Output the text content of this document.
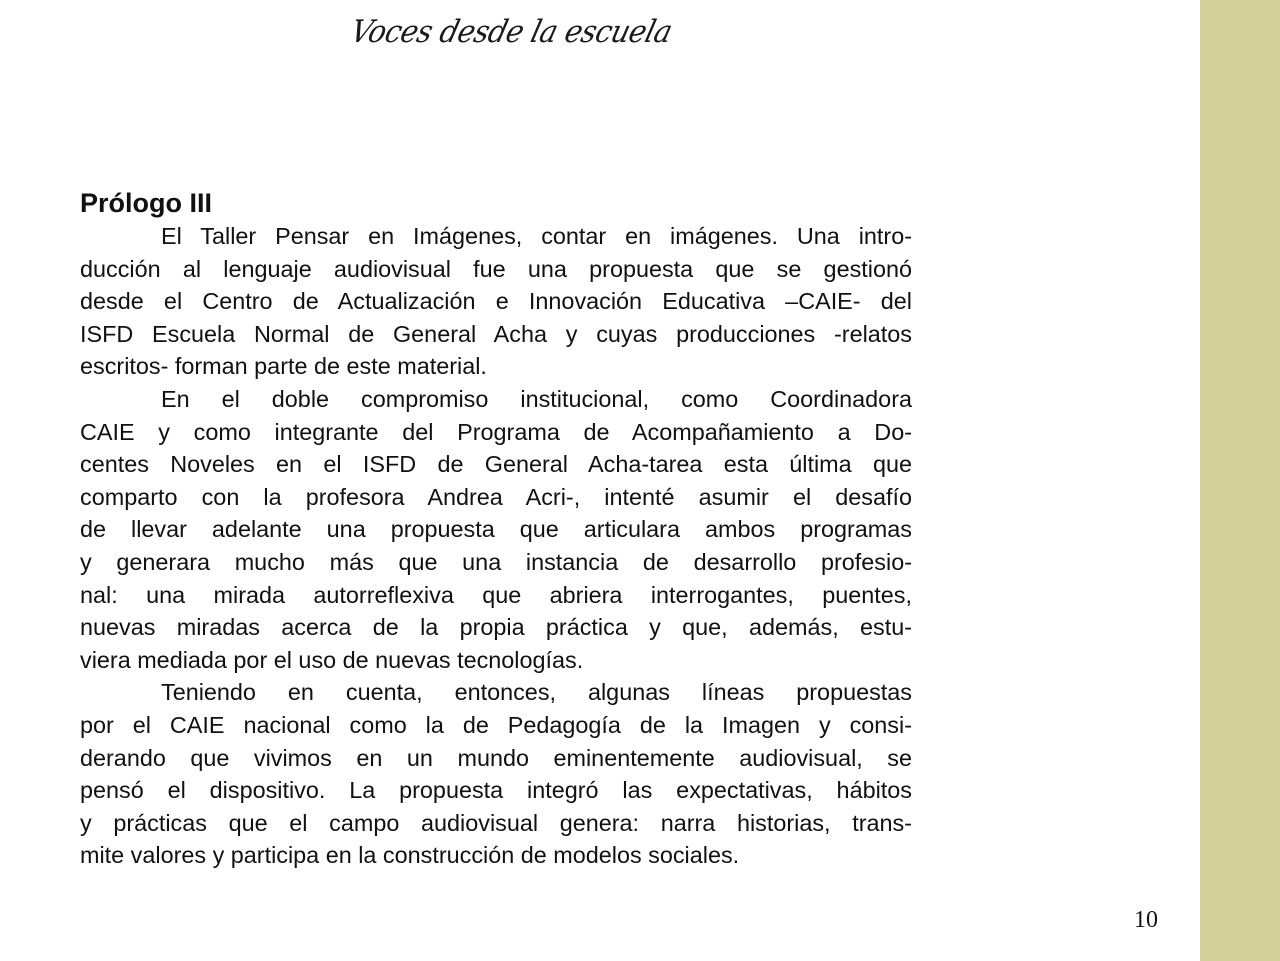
Voces desde la escuela
Prólogo III
El Taller Pensar en Imágenes, contar en imágenes. Una intro-
ducción al lenguaje audiovisual fue una propuesta que se gestionó
desde el Centro de Actualización e Innovación Educativa –CAIE- del
ISFD Escuela Normal de General Acha y cuyas producciones -relatos
escritos- forman parte de este material.
En el doble compromiso institucional, como Coordinadora
CAIE y como integrante del Programa de Acompañamiento a Do-
centes Noveles en el ISFD de General Acha-tarea esta última que
comparto con la profesora Andrea Acri-, intenté asumir el desafío
de llevar adelante una propuesta que articulara ambos programas
y generara mucho más que una instancia de desarrollo profesio-
nal: una mirada autorreflexiva que abriera interrogantes, puentes,
nuevas miradas acerca de la propia práctica y que, además, estu-
viera mediada por el uso de nuevas tecnologías.
Teniendo en cuenta, entonces, algunas líneas propuestas
por el CAIE nacional como la de Pedagogía de la Imagen y consi-
derando que vivimos en un mundo eminentemente audiovisual, se
pensó el dispositivo. La propuesta integró las expectativas, hábitos
y prácticas que el campo audiovisual genera: narra historias, trans-
mite valores y participa en la construcción de modelos sociales.
10
